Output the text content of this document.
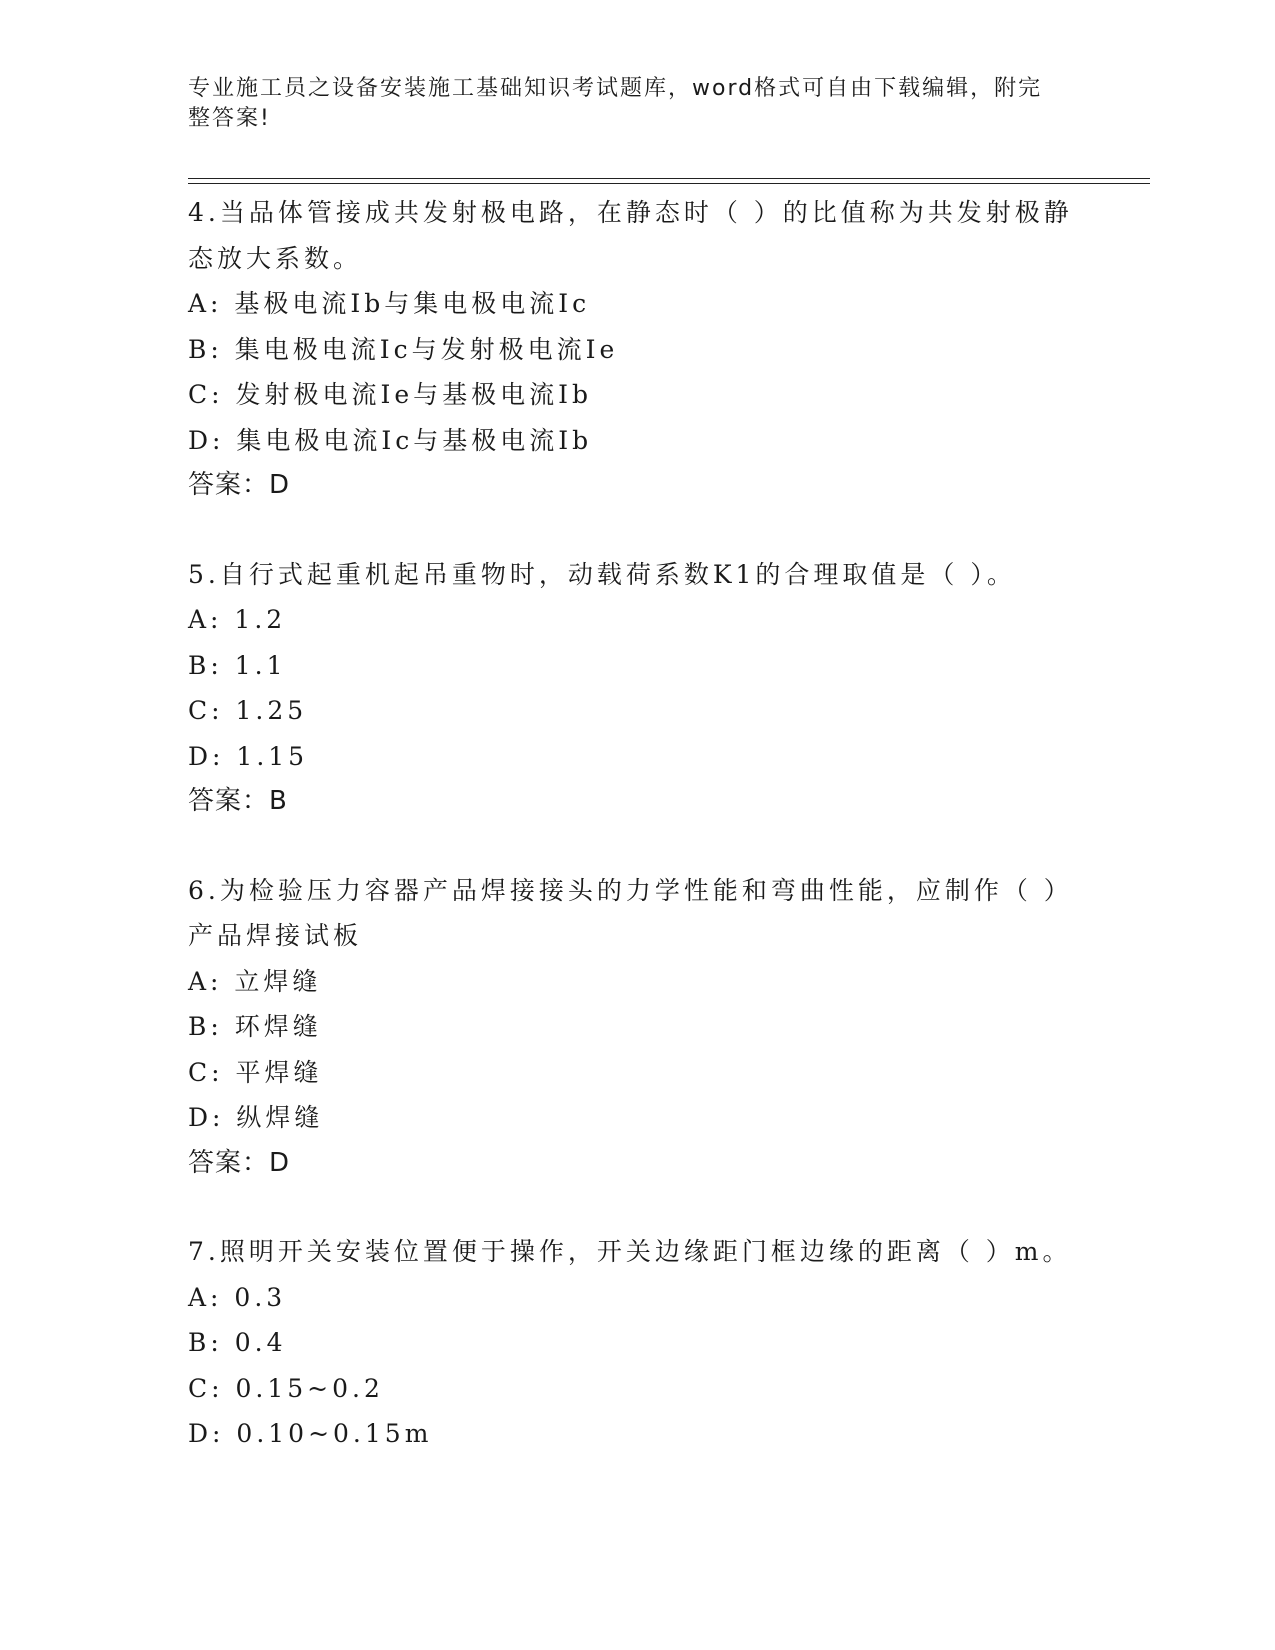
专业施工员之设备安装施工基础知识考试题库，word格式可自由下载编辑，附完
整答案!

4.当品体管接成共发射极电路，在静态时（ ）的比值称为共发射极静

态放大系数。

A: 基极电流Ib与集电极电流Ic

B: 集电极电流Ic与发射极电流Ie

C: 发射极电流Ie与基极电流Ib

D: 集电极电流Ic与基极电流Ib

答案：D

5.自行式起重机起吊重物时，动载荷系数K1的合理取值是（ ）。

A: 1.2

B: 1.1

C: 1.25

D: 1.15

答案：B

6.为检验压力容器产品焊接接头的力学性能和弯曲性能，应制作（ ）

产品焊接试板

A: 立焊缝

B: 环焊缝

C: 平焊缝

D: 纵焊缝

答案：D

7.照明开关安装位置便于操作，开关边缘距门框边缘的距离（ ）m。

A: 0.3

B: 0.4

C: 0.15~0.2

D: 0.10~0.15m
